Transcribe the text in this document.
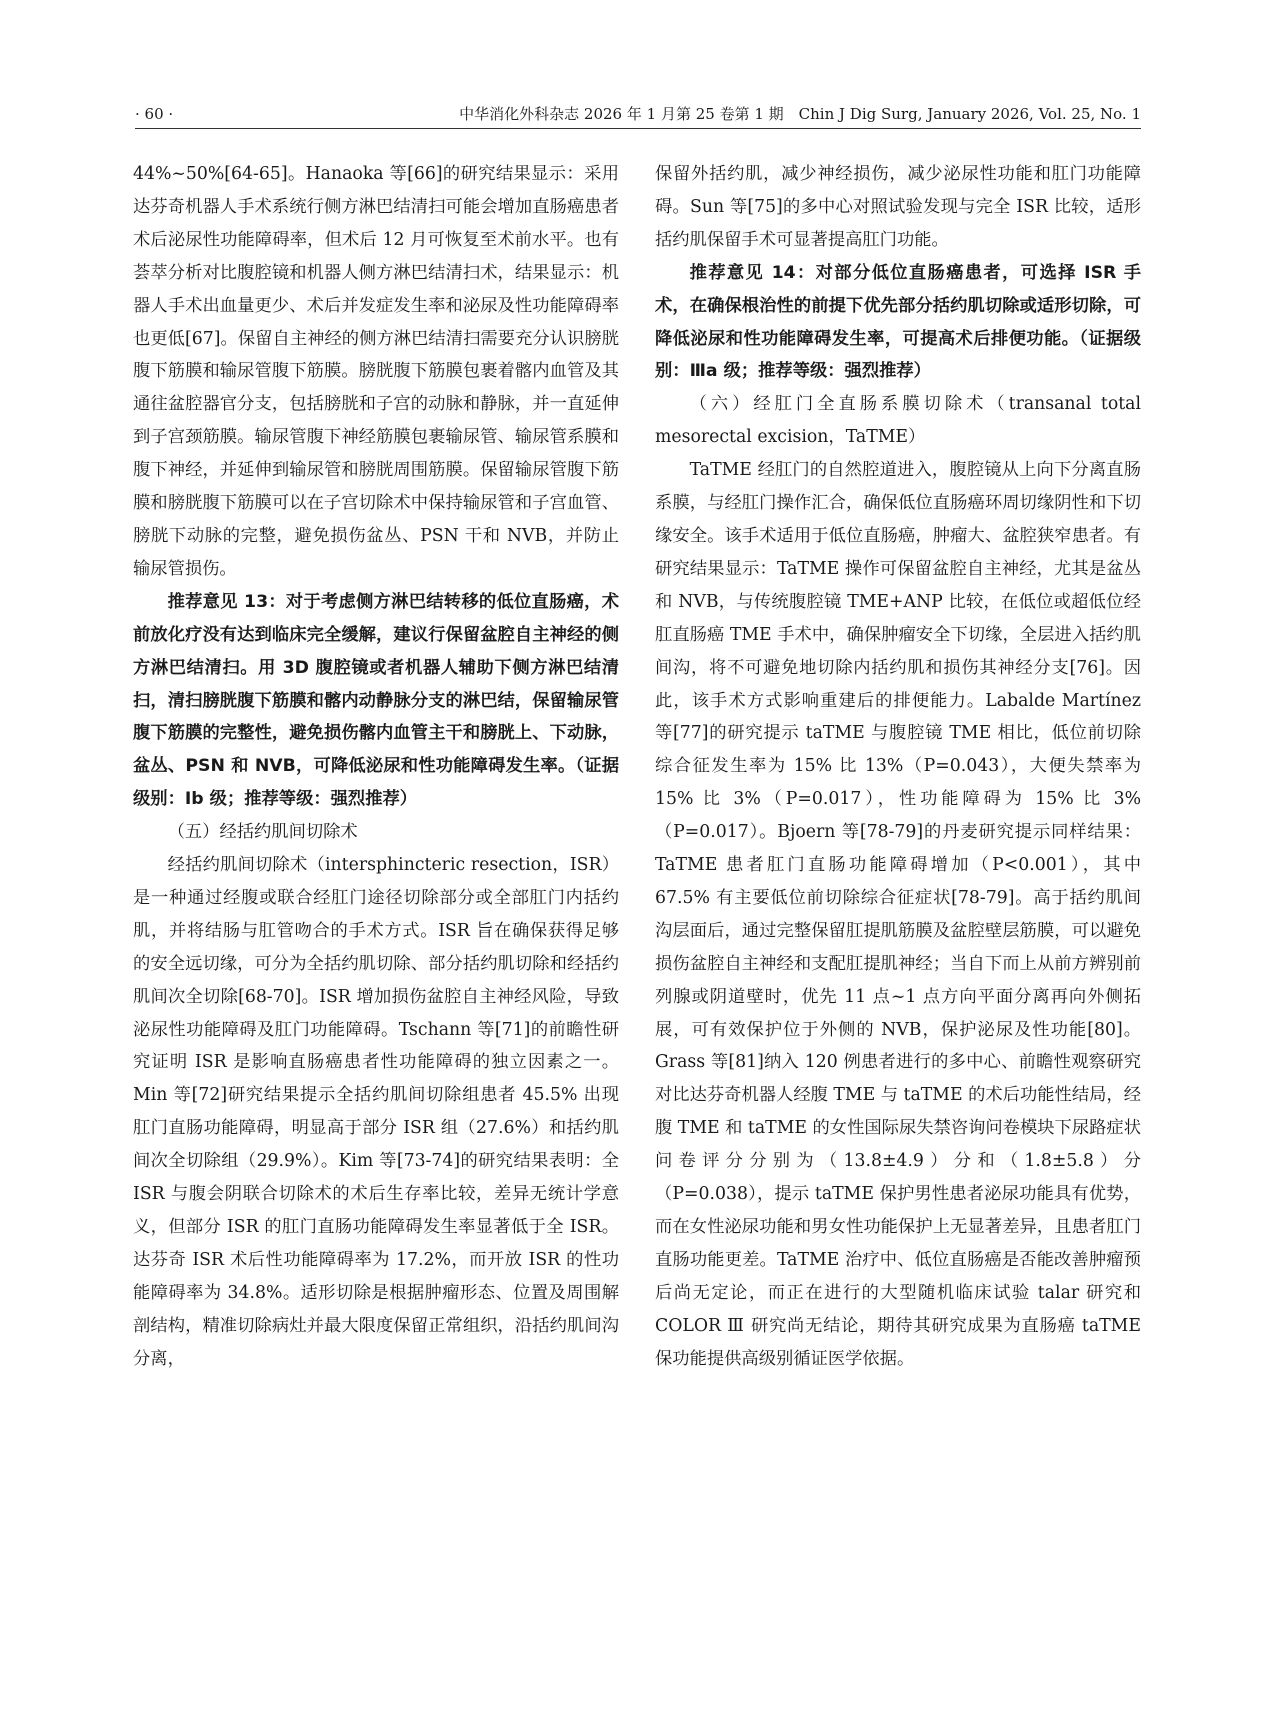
· 60 ·	中华消化外科杂志 2026 年 1 月第 25 卷第 1 期　Chin J Dig Surg, January 2026, Vol. 25, No. 1

44%~50%[64-65]。Hanaoka 等[66]的研究结果显示：采用达芬奇机器人手术系统行侧方淋巴结清扫可能会增加直肠癌患者术后泌尿性功能障碍率，但术后 12 月可恢复至术前水平。也有荟萃分析对比腹腔镜和机器人侧方淋巴结清扫术，结果显示：机器人手术出血量更少、术后并发症发生率和泌尿及性功能障碍率也更低[67]。保留自主神经的侧方淋巴结清扫需要充分认识膀胱腹下筋膜和输尿管腹下筋膜。膀胱腹下筋膜包裹着髂内血管及其通往盆腔器官分支，包括膀胱和子宫的动脉和静脉，并一直延伸到子宫颈筋膜。输尿管腹下神经筋膜包裹输尿管、输尿管系膜和腹下神经，并延伸到输尿管和膀胱周围筋膜。保留输尿管腹下筋膜和膀胱腹下筋膜可以在子宫切除术中保持输尿管和子宫血管、膀胱下动脉的完整，避免损伤盆丛、PSN 干和 NVB，并防止输尿管损伤。

推荐意见 13：对于考虑侧方淋巴结转移的低位直肠癌，术前放化疗没有达到临床完全缓解，建议行保留盆腔自主神经的侧方淋巴结清扫。用 3D 腹腔镜或者机器人辅助下侧方淋巴结清扫，清扫膀胱腹下筋膜和髂内动静脉分支的淋巴结，保留输尿管腹下筋膜的完整性，避免损伤髂内血管主干和膀胱上、下动脉，盆丛、PSN 和 NVB，可降低泌尿和性功能障碍发生率。（证据级别：Ⅰb 级；推荐等级：强烈推荐）

（五）经括约肌间切除术

经括约肌间切除术（intersphincteric resection，ISR）是一种通过经腹或联合经肛门途径切除部分或全部肛门内括约肌，并将结肠与肛管吻合的手术方式。ISR 旨在确保获得足够的安全远切缘，可分为全括约肌切除、部分括约肌切除和经括约肌间次全切除[68-70]。ISR 增加损伤盆腔自主神经风险，导致泌尿性功能障碍及肛门功能障碍。Tschann 等[71]的前瞻性研究证明 ISR 是影响直肠癌患者性功能障碍的独立因素之一。Min 等[72]研究结果提示全括约肌间切除组患者 45.5% 出现肛门直肠功能障碍，明显高于部分 ISR 组（27.6%）和括约肌间次全切除组（29.9%）。Kim 等[73-74]的研究结果表明：全 ISR 与腹会阴联合切除术的术后生存率比较，差异无统计学意义，但部分 ISR 的肛门直肠功能障碍发生率显著低于全 ISR。达芬奇 ISR 术后性功能障碍率为 17.2%，而开放 ISR 的性功能障碍率为 34.8%。适形切除是根据肿瘤形态、位置及周围解剖结构，精准切除病灶并最大限度保留正常组织，沿括约肌间沟分离，

保留外括约肌，减少神经损伤，减少泌尿性功能和肛门功能障碍。Sun 等[75]的多中心对照试验发现与完全 ISR 比较，适形括约肌保留手术可显著提高肛门功能。

推荐意见 14：对部分低位直肠癌患者，可选择 ISR 手术，在确保根治性的前提下优先部分括约肌切除或适形切除，可降低泌尿和性功能障碍发生率，可提高术后排便功能。（证据级别：Ⅲa 级；推荐等级：强烈推荐）

（六）经肛门全直肠系膜切除术（transanal total mesorectal excision，TaTME）

TaTME 经肛门的自然腔道进入，腹腔镜从上向下分离直肠系膜，与经肛门操作汇合，确保低位直肠癌环周切缘阴性和下切缘安全。该手术适用于低位直肠癌，肿瘤大、盆腔狭窄患者。有研究结果显示：TaTME 操作可保留盆腔自主神经，尤其是盆丛和 NVB，与传统腹腔镜 TME+ANP 比较，在低位或超低位经肛直肠癌 TME 手术中，确保肿瘤安全下切缘，全层进入括约肌间沟，将不可避免地切除内括约肌和损伤其神经分支[76]。因此，该手术方式影响重建后的排便能力。Labalde Martínez 等[77]的研究提示 taTME 与腹腔镜 TME 相比，低位前切除综合征发生率为 15% 比 13%（P=0.043），大便失禁率为 15% 比 3%（P=0.017），性功能障碍为 15% 比 3%（P=0.017）。Bjoern 等[78-79]的丹麦研究提示同样结果：TaTME 患者肛门直肠功能障碍增加（P<0.001），其中 67.5% 有主要低位前切除综合征症状[78-79]。高于括约肌间沟层面后，通过完整保留肛提肌筋膜及盆腔壁层筋膜，可以避免损伤盆腔自主神经和支配肛提肌神经；当自下而上从前方辨别前列腺或阴道壁时，优先 11 点~1 点方向平面分离再向外侧拓展，可有效保护位于外侧的 NVB，保护泌尿及性功能[80]。Grass 等[81]纳入 120 例患者进行的多中心、前瞻性观察研究对比达芬奇机器人经腹 TME 与 taTME 的术后功能性结局，经腹 TME 和 taTME 的女性国际尿失禁咨询问卷模块下尿路症状问卷评分分别为（13.8±4.9）分和（1.8±5.8）分（P=0.038），提示 taTME 保护男性患者泌尿功能具有优势，而在女性泌尿功能和男女性功能保护上无显著差异，且患者肛门直肠功能更差。TaTME 治疗中、低位直肠癌是否能改善肿瘤预后尚无定论，而正在进行的大型随机临床试验 talar 研究和 COLOR Ⅲ 研究尚无结论，期待其研究成果为直肠癌 taTME 保功能提供高级别循证医学依据。
